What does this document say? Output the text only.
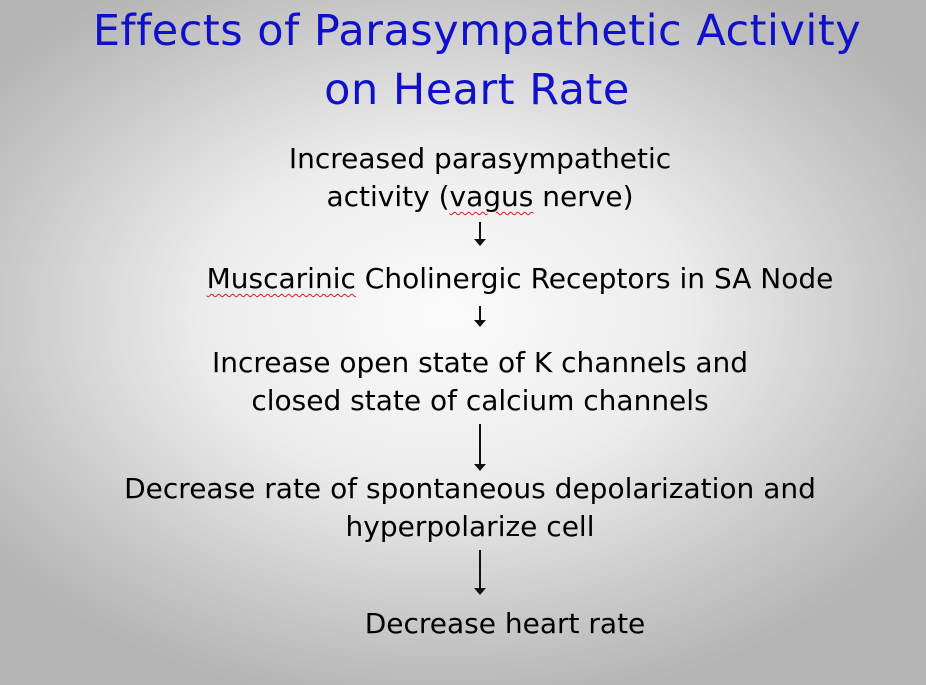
Effects of Parasympathetic Activity
on Heart Rate
Increased parasympathetic
activity (vagus nerve)
Muscarinic Cholinergic Receptors in SA Node
Increase open state of K channels and
closed state of calcium channels
Decrease rate of spontaneous depolarization and
hyperpolarize cell
Decrease heart rate
